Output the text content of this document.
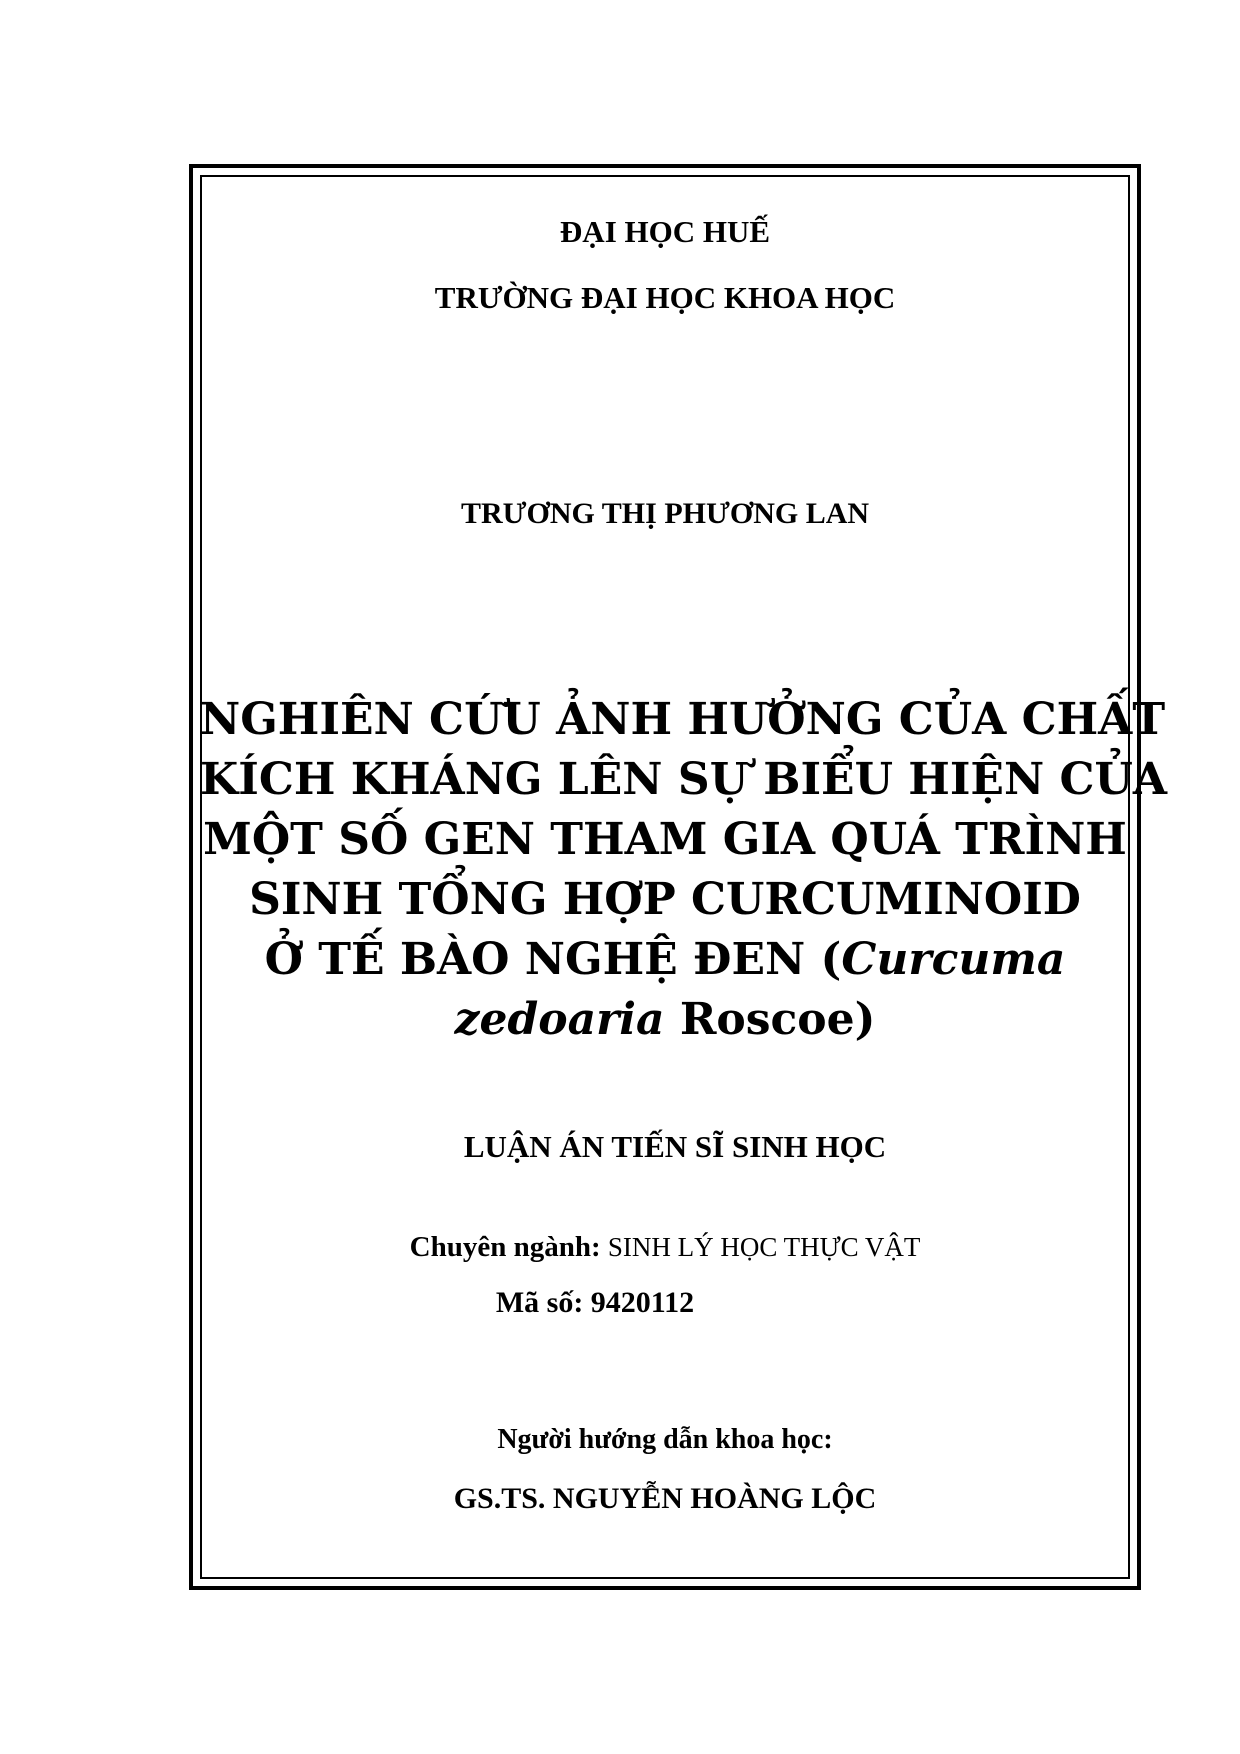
ĐẠI HỌC HUẾ
TRƯỜNG ĐẠI HỌC KHOA HỌC
TRƯƠNG THỊ PHƯƠNG LAN
NGHIÊN CỨU ẢNH HƯỞNG CỦA CHẤT
KÍCH KHÁNG LÊN SỰ BIỂU HIỆN CỦA
MỘT SỐ GEN THAM GIA QUÁ TRÌNH
SINH TỔNG HỢP CURCUMINOID
Ở TẾ BÀO NGHỆ ĐEN (Curcuma
zedoaria Roscoe)
LUẬN ÁN TIẾN SĨ SINH HỌC
Chuyên ngành: SINH LÝ HỌC THỰC VẬT
Mã số: 9420112
Người hướng dẫn khoa học:
GS.TS. NGUYỄN HOÀNG LỘC
